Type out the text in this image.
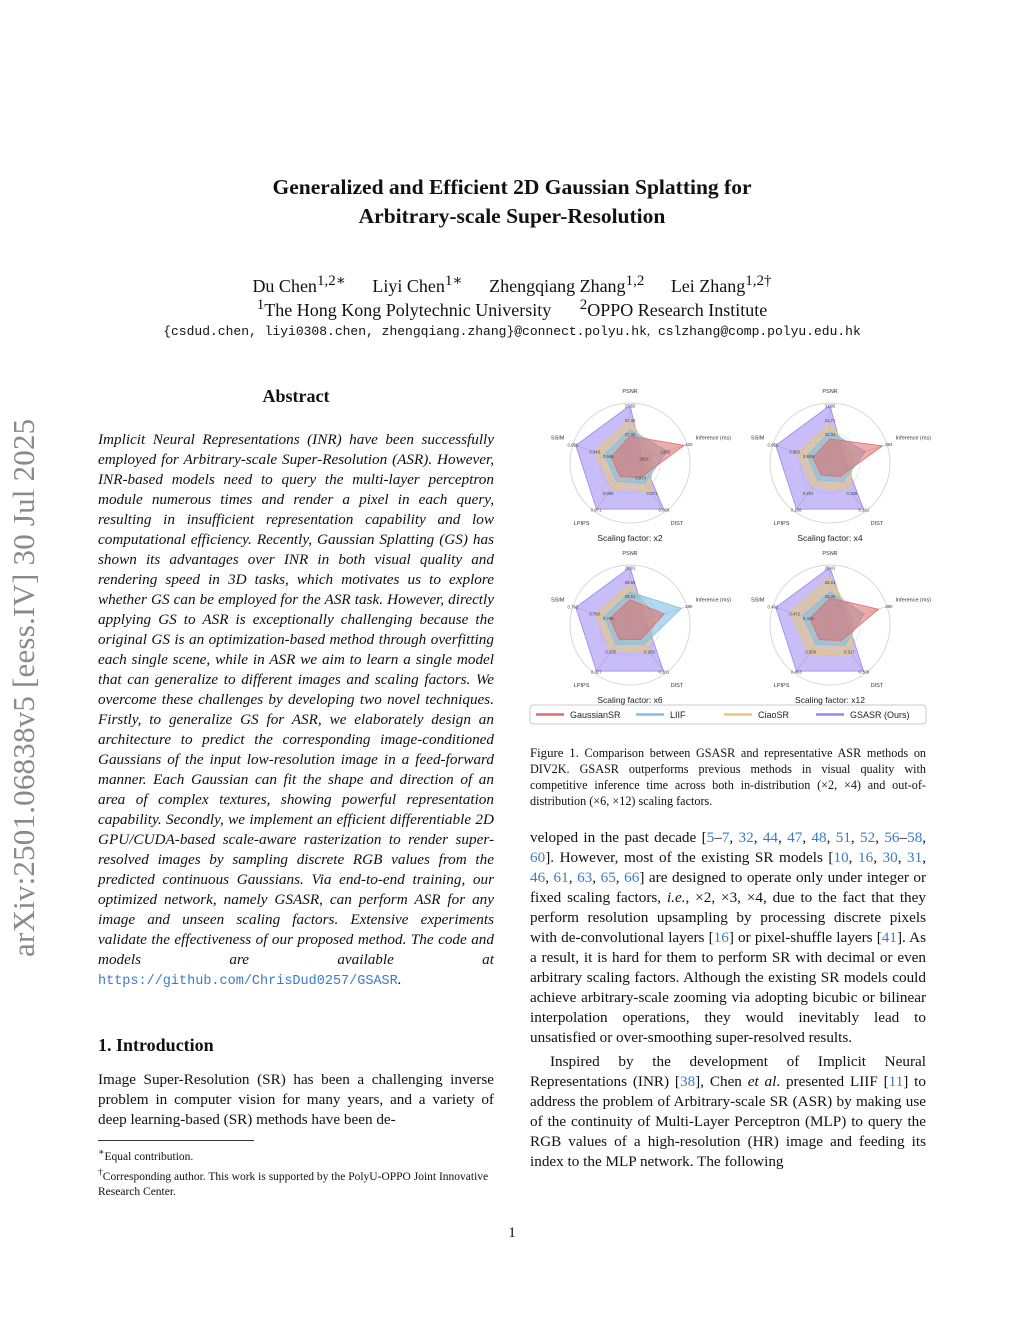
Generalized and Efficient 2D Gaussian Splatting for
Arbitrary-scale Super-Resolution
Du Chen$^{1,2∗}$ Liyi Chen$^{1∗}$ Zhengqiang Zhang$^{1,2}$ Lei Zhang$^{1,2\dagger}$
$^1$The Hong Kong Polytechnic University $^2$OPPO Research Institute
{csdud.chen, liyi0308.chen, zhengqiang.zhang}@connect.polyu.hk, cslzhang@comp.polyu.edu.hk
arXiv:2501.06838v5 [eess.IV] 30 Jul 2025
Abstract
Implicit Neural Representations (INR) have been successfully employed for Arbitrary-scale Super-Resolution (ASR). However, INR-based models need to query the multi-layer perceptron module numerous times and render a pixel in each query, resulting in insufficient representation capability and low computational efficiency. Recently, Gaussian Splatting (GS) has shown its advantages over INR in both visual quality and rendering speed in 3D tasks, which motivates us to explore whether GS can be employed for the ASR task. However, directly applying GS to ASR is exceptionally challenging because the original GS is an optimization-based method through overfitting each single scene, while in ASR we aim to learn a single model that can generalize to different images and scaling factors. We overcome these challenges by developing two novel techniques. Firstly, to generalize GS for ASR, we elaborately design an architecture to predict the corresponding image-conditioned Gaussians of the input low-resolution image in a feed-forward manner. Each Gaussian can fit the shape and direction of an area of complex textures, showing powerful representation capability. Secondly, we implement an efficient differentiable 2D GPU/CUDA-based scale-aware rasterization to render super-resolved images by sampling discrete RGB values from the predicted continuous Gaussians. Via end-to-end training, our optimized network, namely GSASR, can perform ASR for any image and unseen scaling factors. Extensive experiments validate the effectiveness of our proposed method. The code and models are available at https://github.com/ChrisDud0257/GSASR.
1. Introduction
Image Super-Resolution (SR) has been a challenging inverse problem in computer vision for many years, and a variety of deep learning-based (SR) methods have been de-
∗Equal contribution.
†Corresponding author. This work is supported by the PolyU-OPPO Joint Innovative Research Center.
PSNR
Inference (ms)
DIST
LPIPS
SSIM
37.55
37.42
37.06
420
1265
2821
0.071
0.069
0.058
0.071
0.952
0.948
0.946
0.974
Scaling factor: x2
PSNR
Inference (ms)
DIST
LPIPS
SSIM
31.95
31.71
31.31
384
0.165
0.161
0.204
0.198
0.852
0.850
0.849
Scaling factor: x4
PSNR
Inference (ms)
DIST
LPIPS
SSIM
28.91
28.65
28.51
389
0.201
0.209
0.327
0.335
0.762
0.760
0.745
Scaling factor: x6
PSNR
Inference (ms)
DIST
LPIPS
SSIM
26.41
26.21
26.06
380
0.309
0.317
0.463
0.500
0.461
0.472
0.419
Scaling factor: x12
GaussianSR	LIIF	CiaoSR	GSASR (Ours)
Figure 1. Comparison between GSASR and representative ASR methods on DIV2K. GSASR outperforms previous methods in visual quality with competitive inference time across both in-distribution (×2, ×4) and out-of-distribution (×6, ×12) scaling factors.

veloped in the past decade [5–7, 32, 44, 47, 48, 51, 52, 56–58, 60]. However, most of the existing SR models [10, 16, 30, 31, 46, 61, 63, 65, 66] are designed to operate only under integer or fixed scaling factors, i.e., ×2, ×3, ×4, due to the fact that they perform resolution upsampling by processing discrete pixels with de-convolutional layers [16] or pixel-shuffle layers [41]. As a result, it is hard for them to perform SR with decimal or even arbitrary scaling factors. Although the existing SR models could achieve arbitrary-scale zooming via adopting bicubic or bilinear interpolation operations, they would inevitably lead to unsatisfied or over-smoothing super-resolved results.

Inspired by the development of Implicit Neural Representations (INR) [38], Chen et al. presented LIIF [11] to address the problem of Arbitrary-scale SR (ASR) by making use of the continuity of Multi-Layer Perceptron (MLP) to query the RGB values of a high-resolution (HR) image and feeding its index to the MLP network. The following

1
